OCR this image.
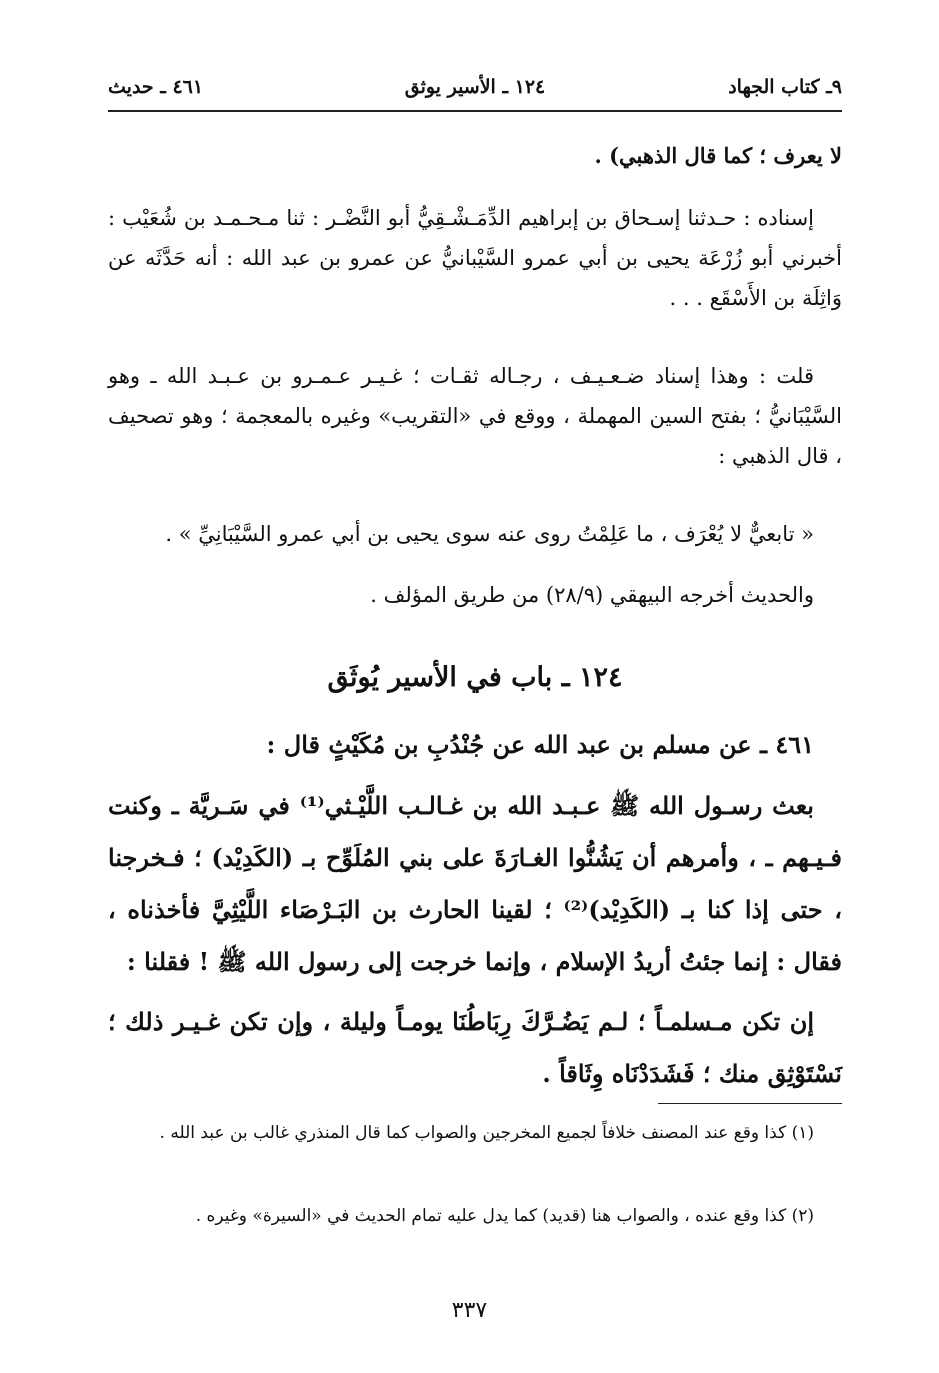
٩ـ كتاب الجهاد
١٢٤ ـ الأسير يوثق
٤٦١ ـ حديث
لا يعرف ؛ كما قال الذهبي) .
إسناده : حـدثنا إسـحاق بن إبراهيم الدِّمَـشْـقِيُّ أبو النَّضْـر : ثنا مـحـمـد بن شُعَيْب : أخبرني أبو زُرْعَة يحيى بن أبي عمرو السَّيْبانيُّ عن عمرو بن عبد الله : أنه حَدَّثَه عن وَاثِلَة بن الأَسْقَع . . .
قلت : وهذا إسناد ضـعـيـف ، رجـاله ثقـات ؛ غـيـر عـمـرو بن عـبـد الله ـ وهو السَّيْبَانيُّ ؛ بفتح السين المهملة ، ووقع في «التقريب» وغيره بالمعجمة ؛ وهو تصحيف ، قال الذهبي :
« تابعيٌّ لا يُعْرَف ، ما عَلِمْتُ روى عنه سوى يحيى بن أبي عمرو السَّيْبَانِيِّ » .
والحديث أخرجه البيهقي (٢٨/٩) من طريق المؤلف .
١٢٤ ـ باب في الأسير يُوثَق
٤٦١ ـ عن مسلم بن عبد الله عن جُنْدُبِ بن مُكَيْثٍ قال :
بعث رسـول الله ﷺ عـبـد الله بن غـالـب اللَّيْـثي⁽¹⁾ في سَـريَّة ـ وكنت فـيـهم ـ ، وأمرهم أن يَشُنُّوا الغـارَةَ على بني المُلَوِّح بـ (الكَدِيْد) ؛ فـخرجنا ، حتى إذا كنا بـ (الكَدِيْد)⁽²⁾ ؛ لقينا الحارث بن البَـرْصَاء اللَّيْثِيَّ فأخذناه ، فقال : إنما جئتُ أريدُ الإسلام ، وإنما خرجت إلى رسول الله ﷺ ! فقلنا :
إن تكن مـسلمـاً ؛ لـم يَضُـرَّكَ رِبَاطُنَا يومـاً وليلة ، وإن تكن غـيـر ذلك ؛ نَسْتَوْثِق منك ؛ فَشَدَدْنَاه وِثَاقاً .
(١) كذا وقع عند المصنف خلافاً لجميع المخرجين والصواب كما قال المنذري غالب بن عبد الله .
(٢) كذا وقع عنده ، والصواب هنا (قديد) كما يدل عليه تمام الحديث في «السيرة» وغيره .
٣٣٧
